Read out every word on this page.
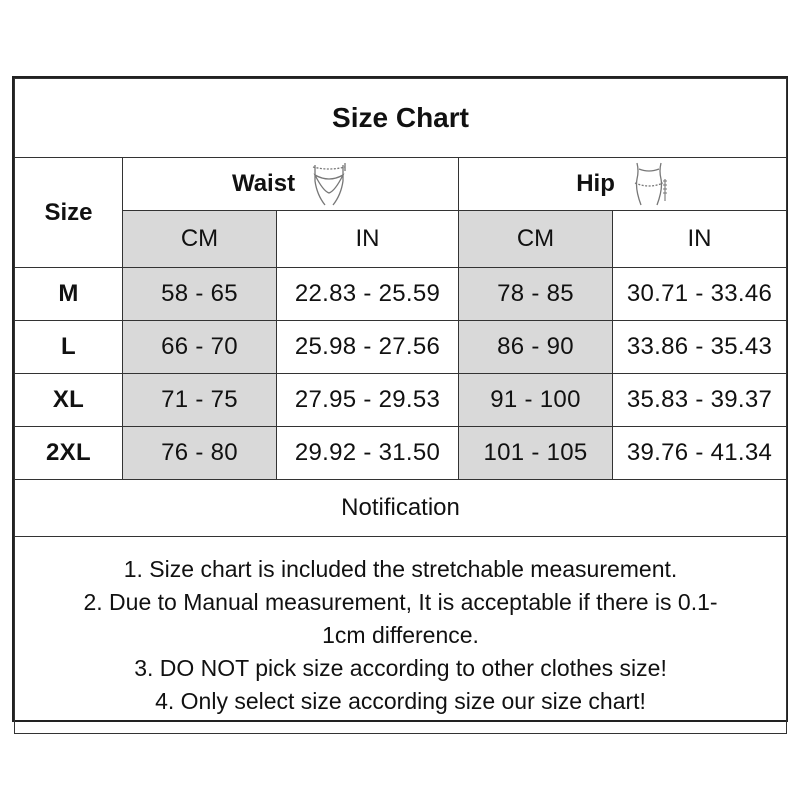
Size Chart				
Size	Waist		Hip	

	CM	IN	CM	IN
M	58 - 65	22.83 - 25.59	78 - 85	30.71 - 33.46
L	66 - 70	25.98 - 27.56	86 - 90	33.86 - 35.43
XL	71 - 75	27.95 - 29.53	91 - 100	35.83 - 39.37
2XL	76 - 80	29.92 - 31.50	101 - 105	39.76 - 41.34
Notification				

1. Size chart is included the stretchable measurement.
2. Due to Manual measurement, It is acceptable if there is 0.1-
1cm difference.
3. DO NOT pick size according to other clothes size!
4. Only select size according size our size chart!				
